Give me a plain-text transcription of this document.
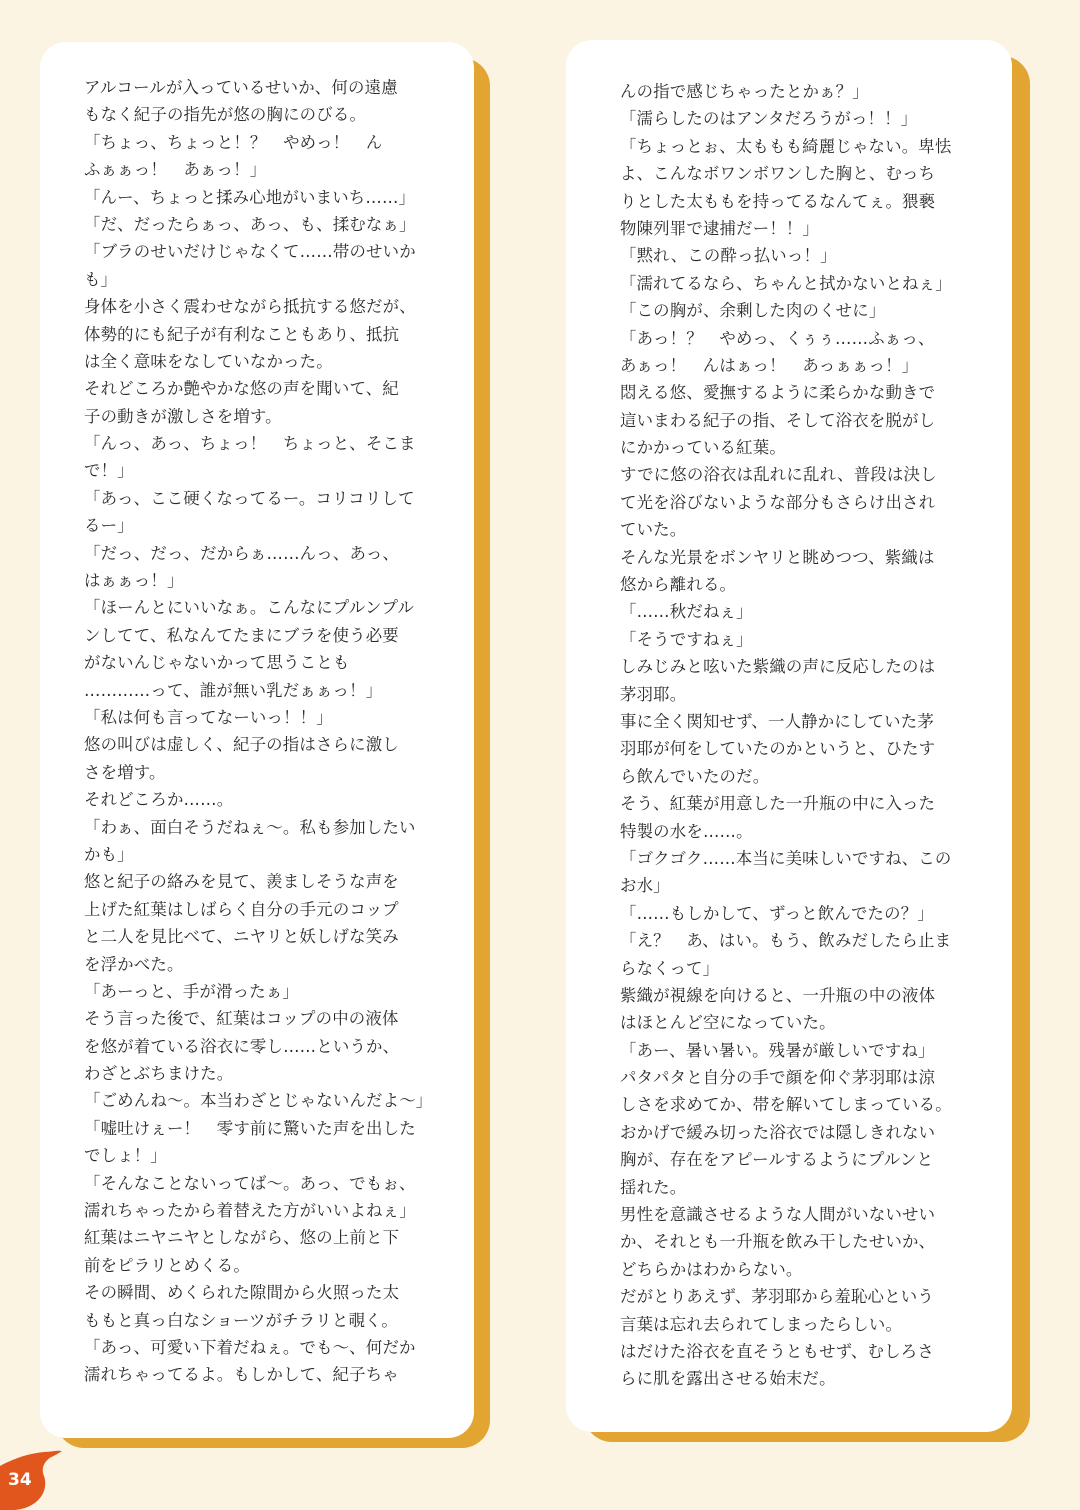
アルコールが入っているせいか、何の遠慮
もなく紀子の指先が悠の胸にのびる。
「ちょっ、ちょっと！？　やめっ！　ん
ふぁぁっ！　あぁっ！」
「んー、ちょっと揉み心地がいまいち……」
「だ、だったらぁっ、あっ、も、揉むなぁ」
「ブラのせいだけじゃなくて……帯のせいか
も」
身体を小さく震わせながら抵抗する悠だが、
体勢的にも紀子が有利なこともあり、抵抗
は全く意味をなしていなかった。
それどころか艶やかな悠の声を聞いて、紀
子の動きが激しさを増す。
「んっ、あっ、ちょっ！　ちょっと、そこま
で！」
「あっ、ここ硬くなってるー。コリコリして
るー」
「だっ、だっ、だからぁ……んっ、あっ、
はぁぁっ！」
「ほーんとにいいなぁ。こんなにプルンプル
ンしてて、私なんてたまにブラを使う必要
がないんじゃないかって思うことも
…………って、誰が無い乳だぁぁっ！」
「私は何も言ってなーいっ！！」
悠の叫びは虚しく、紀子の指はさらに激し
さを増す。
それどころか……。
「わぁ、面白そうだねぇ〜。私も参加したい
かも」
悠と紀子の絡みを見て、羨ましそうな声を
上げた紅葉はしばらく自分の手元のコップ
と二人を見比べて、ニヤリと妖しげな笑み
を浮かべた。
「あーっと、手が滑ったぁ」
そう言った後で、紅葉はコップの中の液体
を悠が着ている浴衣に零し……というか、
わざとぶちまけた。
「ごめんね〜。本当わざとじゃないんだよ〜」
「嘘吐けぇー！　零す前に驚いた声を出した
でしょ！」
「そんなことないってば〜。あっ、でもぉ、
濡れちゃったから着替えた方がいいよねぇ」
紅葉はニヤニヤとしながら、悠の上前と下
前をピラリとめくる。
その瞬間、めくられた隙間から火照った太
ももと真っ白なショーツがチラリと覗く。
「あっ、可愛い下着だねぇ。でも〜、何だか
濡れちゃってるよ。もしかして、紀子ちゃ
んの指で感じちゃったとかぁ？」
「濡らしたのはアンタだろうがっ！！」
「ちょっとぉ、太ももも綺麗じゃない。卑怯
よ、こんなボワンボワンした胸と、むっち
りとした太ももを持ってるなんてぇ。猥褻
物陳列罪で逮捕だー！！」
「黙れ、この酔っ払いっ！」
「濡れてるなら、ちゃんと拭かないとねぇ」
「この胸が、余剰した肉のくせに」
「あっ！？　やめっ、くぅぅ……ふぁっ、
あぁっ！　んはぁっ！　あっぁぁっ！」
悶える悠、愛撫するように柔らかな動きで
這いまわる紀子の指、そして浴衣を脱がし
にかかっている紅葉。
すでに悠の浴衣は乱れに乱れ、普段は決し
て光を浴びないような部分もさらけ出され
ていた。
そんな光景をボンヤリと眺めつつ、紫織は
悠から離れる。
「……秋だねぇ」
「そうですねぇ」
しみじみと呟いた紫織の声に反応したのは
茅羽耶。
事に全く関知せず、一人静かにしていた茅
羽耶が何をしていたのかというと、ひたす
ら飲んでいたのだ。
そう、紅葉が用意した一升瓶の中に入った
特製の水を……。
「ゴクゴク……本当に美味しいですね、この
お水」
「……もしかして、ずっと飲んでたの？」
「え？　あ、はい。もう、飲みだしたら止ま
らなくって」
紫織が視線を向けると、一升瓶の中の液体
はほとんど空になっていた。
「あー、暑い暑い。残暑が厳しいですね」
パタパタと自分の手で顔を仰ぐ茅羽耶は涼
しさを求めてか、帯を解いてしまっている。
おかげで緩み切った浴衣では隠しきれない
胸が、存在をアピールするようにプルンと
揺れた。
男性を意識させるような人間がいないせい
か、それとも一升瓶を飲み干したせいか、
どちらかはわからない。
だがとりあえず、茅羽耶から羞恥心という
言葉は忘れ去られてしまったらしい。
はだけた浴衣を直そうともせず、むしろさ
らに肌を露出させる始末だ。
34
